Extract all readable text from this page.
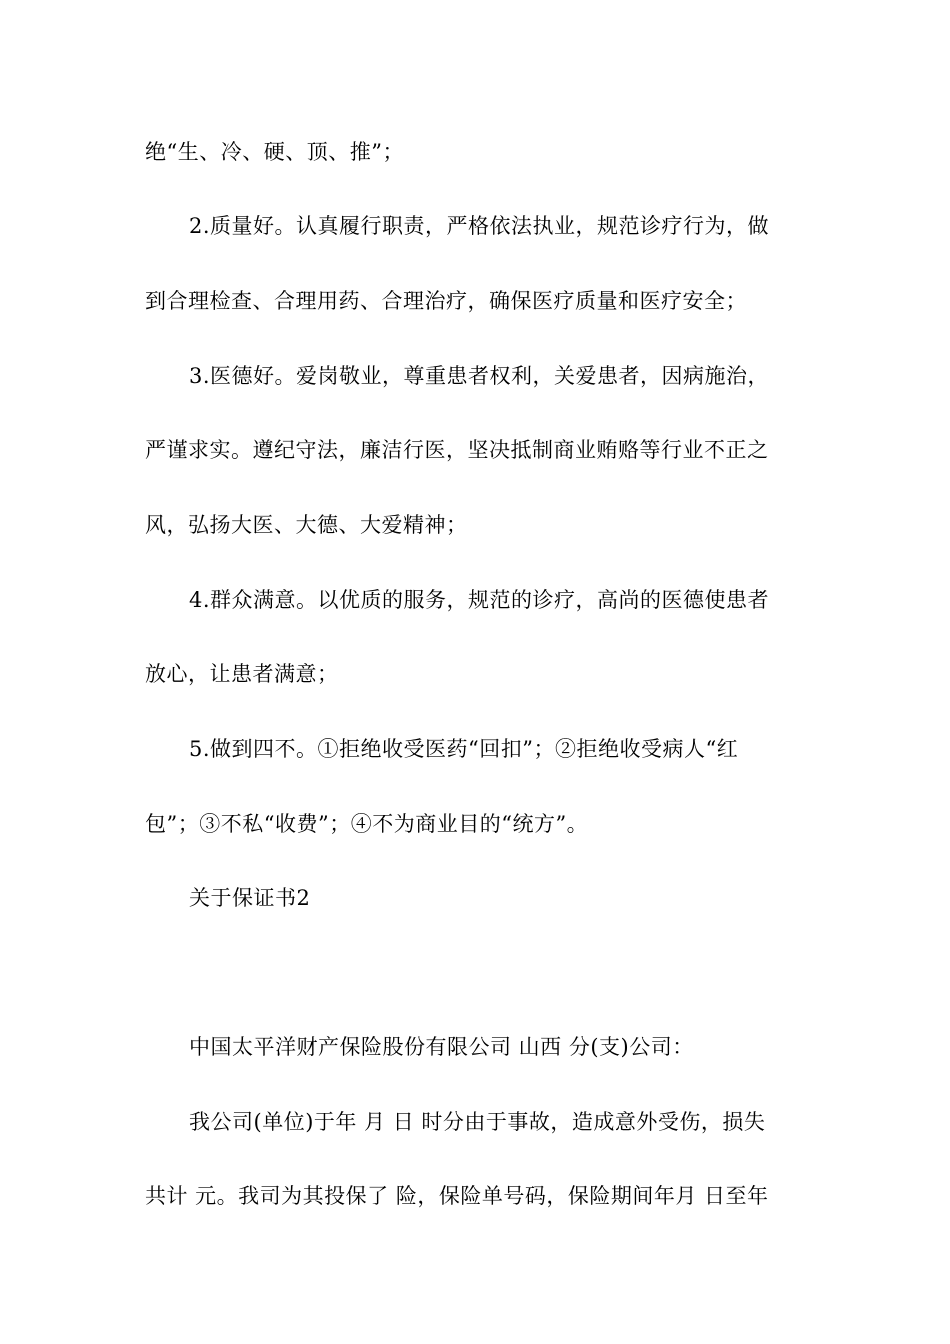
绝“生、冷、硬、顶、推”；

2.质量好。认真履行职责，严格依法执业，规范诊疗行为，做

到合理检查、合理用药、合理治疗，确保医疗质量和医疗安全；

3.医德好。爱岗敬业，尊重患者权利，关爱患者，因病施治，

严谨求实。遵纪守法，廉洁行医，坚决抵制商业贿赂等行业不正之

风，弘扬大医、大德、大爱精神；

4.群众满意。以优质的服务，规范的诊疗，高尚的医德使患者

放心，让患者满意；

5.做到四不。①拒绝收受医药“回扣”；②拒绝收受病人“红

包”；③不私“收费”；④不为商业目的“统方”。

关于保证书2

中国太平洋财产保险股份有限公司 山西 分(支)公司：

我公司(单位)于年 月 日 时分由于事故，造成意外受伤，损失

共计 元。我司为其投保了 险，保险单号码，保险期间年月 日至年
